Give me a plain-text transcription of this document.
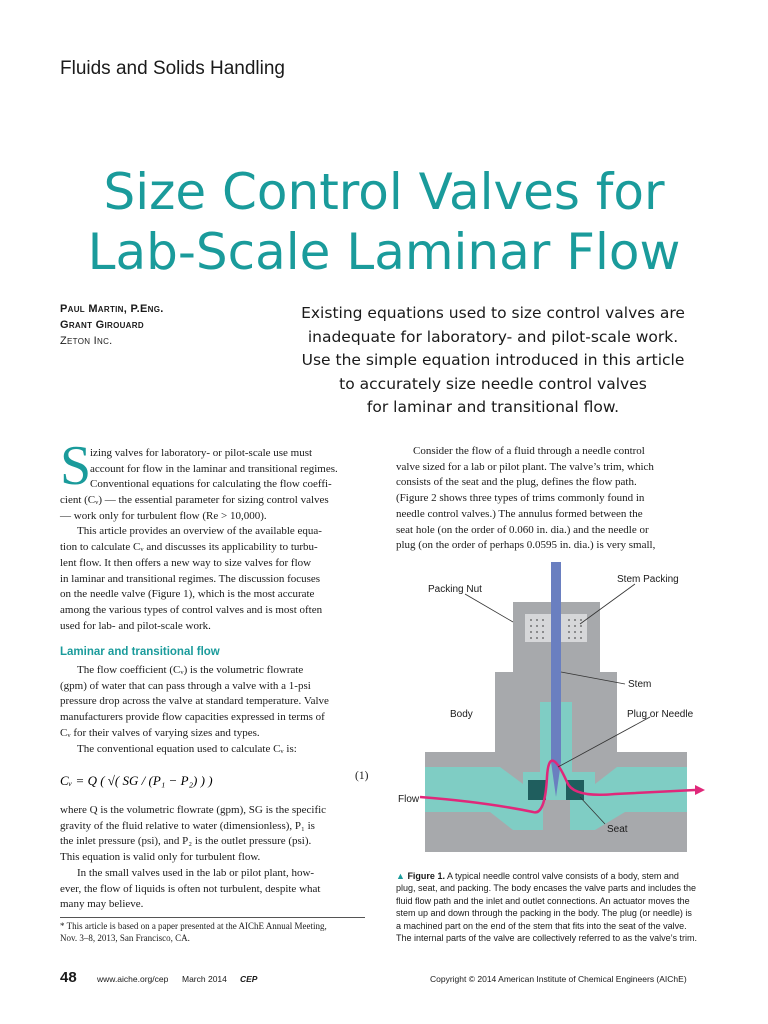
Fluids and Solids Handling
Size Control Valves for
Lab-Scale Laminar Flow
Paul Martin, P.Eng.
Grant Girouard
Zeton Inc.
Existing equations used to size control valves are
inadequate for laboratory- and pilot-scale work.
Use the simple equation introduced in this article
to accurately size needle control valves
for laminar and transitional flow.
S
izing valves for laboratory- or pilot-scale use must
account for flow in the laminar and transitional regimes.
Conventional equations for calculating the flow coeffi-
cient (Cᵥ) — the essential parameter for sizing control valves
— work only for turbulent flow (Re > 10,000).
This article provides an overview of the available equa-
tion to calculate Cᵥ and discusses its applicability to turbu-
lent flow. It then offers a new way to size valves for flow
in laminar and transitional regimes. The discussion focuses
on the needle valve (Figure 1), which is the most accurate
among the various types of control valves and is most often
used for lab- and pilot-scale work.
Laminar and transitional flow
The flow coefficient (Cᵥ) is the volumetric flowrate
(gpm) of water that can pass through a valve with a 1-psi
pressure drop across the valve at standard temperature. Valve
manufacturers provide flow capacities expressed in terms of
Cᵥ for their valves of varying sizes and types.
The conventional equation used to calculate Cᵥ is:
Cᵥ = Q ( √( SG / (P₁ − P₂) ) )	(1)
where Q is the volumetric flowrate (gpm), SG is the specific
gravity of the fluid relative to water (dimensionless), P₁ is
the inlet pressure (psi), and P₂ is the outlet pressure (psi).
This equation is valid only for turbulent flow.
In the small valves used in the lab or pilot plant, how-
ever, the flow of liquids is often not turbulent, despite what
many may believe.
* This article is based on a paper presented at the AIChE Annual Meeting,
Nov. 3–8, 2013, San Francisco, CA.
Consider the flow of a fluid through a needle control
valve sized for a lab or pilot plant. The valve’s trim, which
consists of the seat and the plug, defines the flow path.
(Figure 2 shows three types of trims commonly found in
needle control valves.) The annulus formed between the
seat hole (on the order of 0.060 in. dia.) and the needle or
plug (on the order of perhaps 0.0595 in. dia.) is very small,
Packing Nut
Stem Packing
Stem
Body	Plug or Needle
Flow
Seat
▲ Figure 1. A typical needle control valve consists of a body, stem and
plug, seat, and packing. The body encases the valve parts and includes the
fluid flow path and the inlet and outlet connections. An actuator moves the
stem up and down through the packing in the body. The plug (or needle) is
a machined part on the end of the stem that fits into the seat of the valve.
The internal parts of the valve are collectively referred to as the valve’s trim.
48 www.aiche.org/cep March 2014 CEP	Copyright © 2014 American Institute of Chemical Engineers (AIChE)
